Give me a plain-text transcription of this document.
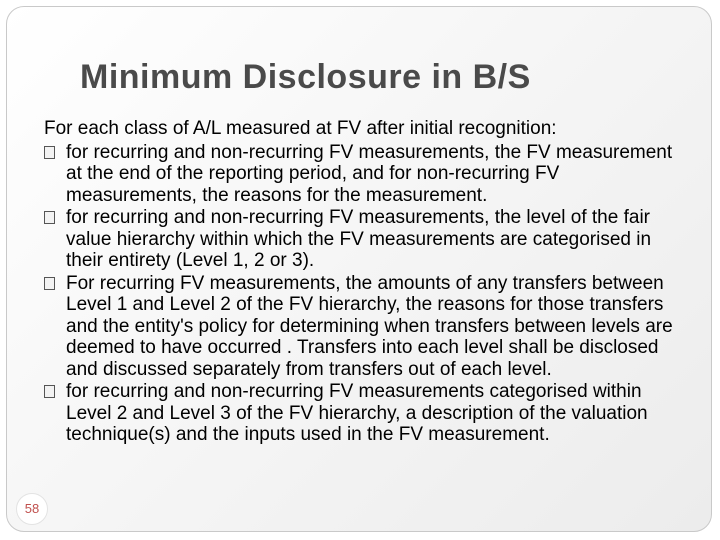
Minimum Disclosure in B/S

For each class of A/L measured at FV after initial recognition:

for recurring and non-recurring FV measurements, the FV measurement at the end of the reporting period, and for non-recurring FV measurements, the reasons for the measurement.
for recurring and non-recurring FV measurements, the level of the fair value hierarchy within which the FV measurements are categorised in their entirety (Level 1, 2 or 3).
For recurring FV measurements, the amounts of any transfers between Level 1 and Level 2 of the FV hierarchy, the reasons for those transfers and the entity's policy for determining when transfers between levels are deemed to have occurred . Transfers into each level shall be disclosed and discussed separately from transfers out of each level.
for recurring and non-recurring FV measurements categorised within Level 2 and Level 3 of the FV hierarchy, a description of the valuation technique(s) and the inputs used in the FV measurement.
58
